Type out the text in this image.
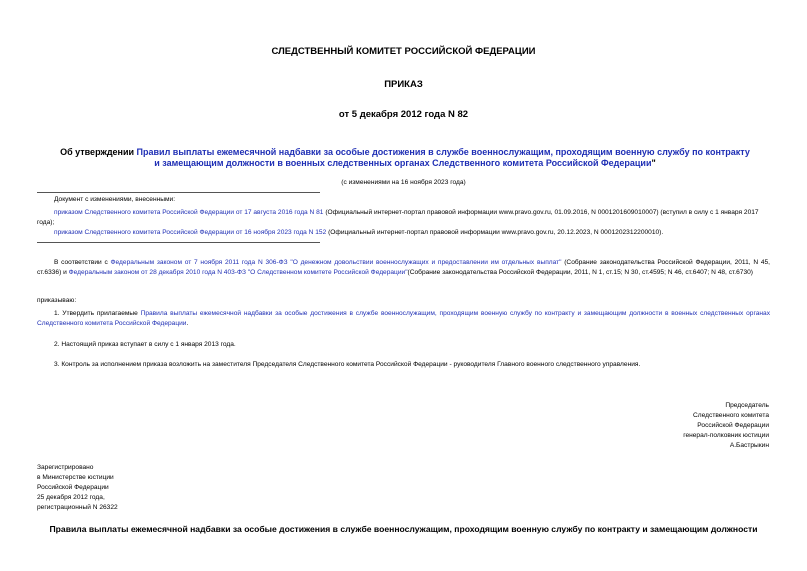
СЛЕДСТВЕННЫЙ КОМИТЕТ РОССИЙСКОЙ ФЕДЕРАЦИИ
ПРИКАЗ
от 5 декабря 2012 года N 82
Об утверждении Правил выплаты ежемесячной надбавки за особые достижения в службе военнослужащим, проходящим военную службу по контракту и замещающим должности в военных следственных органах Следственного комитета Российской Федерации"
(с изменениями на 16 ноября 2023 года)
Документ с изменениями, внесенными:
приказом Следственного комитета Российской Федерации от 17 августа 2016 года N 81 (Официальный интернет-портал правовой информации www.pravo.gov.ru, 01.09.2016, N 0001201609010007) (вступил в силу с 1 января 2017 года);
приказом Следственного комитета Российской Федерации от 16 ноября 2023 года N 152 (Официальный интернет-портал правовой информации www.pravo.gov.ru, 20.12.2023, N 0001202312200010).
В соответствии с Федеральным законом от 7 ноября 2011 года N 306-ФЗ "О денежном довольствии военнослужащих и предоставлении им отдельных выплат" (Собрание законодательства Российской Федерации, 2011, N 45, ст.6336) и Федеральным законом от 28 декабря 2010 года N 403-ФЗ "О Следственном комитете Российской Федерации"(Собрание законодательства Российской Федерации, 2011, N 1, ст.15; N 30, ст.4595; N 46, ст.6407; N 48, ст.6730)
приказываю:
1. Утвердить прилагаемые Правила выплаты ежемесячной надбавки за особые достижения в службе военнослужащим, проходящим военную службу по контракту и замещающим должности в военных следственных органах Следственного комитета Российской Федерации.
2. Настоящий приказ вступает в силу с 1 января 2013 года.
3. Контроль за исполнением приказа возложить на заместителя Председателя Следственного комитета Российской Федерации - руководителя Главного военного следственного управления.
Председатель
Следственного комитета
Российской Федерации
генерал-полковник юстиции
А.Бастрыкин
Зарегистрировано
в Министерстве юстиции
Российской Федерации
25 декабря 2012 года,
регистрационный N 26322
Правила выплаты ежемесячной надбавки за особые достижения в службе военнослужащим, проходящим военную службу по контракту и замещающим должности
